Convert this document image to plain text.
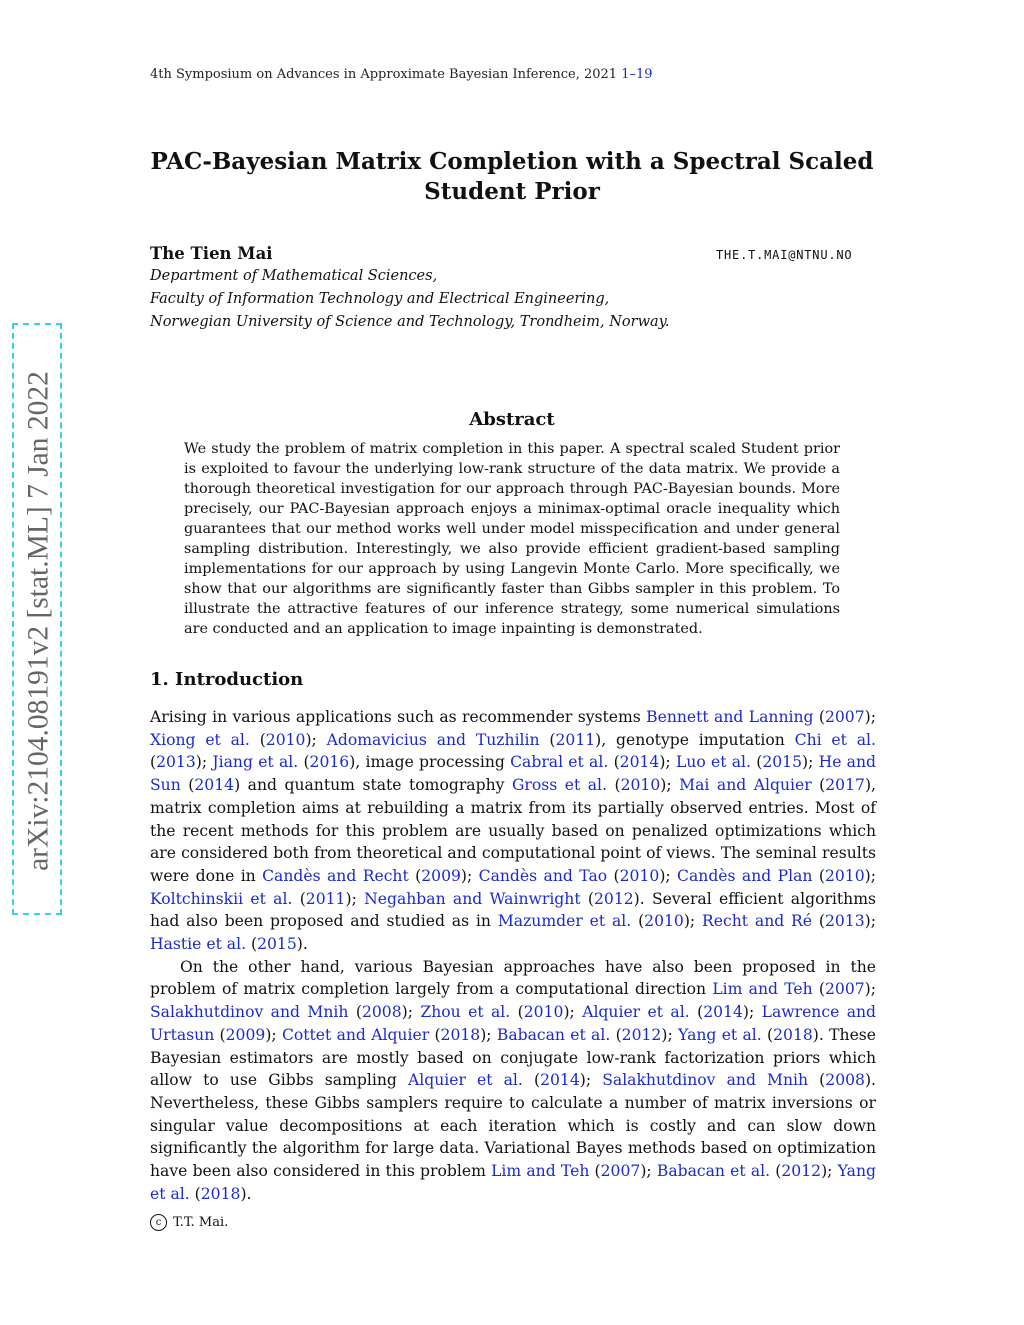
4th Symposium on Advances in Approximate Bayesian Inference, 2021 1–19
PAC-Bayesian Matrix Completion with a Spectral Scaled
Student Prior
The Tien Mai	THE.T.MAI@NTNU.NO
Department of Mathematical Sciences,
Faculty of Information Technology and Electrical Engineering,
Norwegian University of Science and Technology, Trondheim, Norway.
arXiv:2104.08191v2 [stat.ML] 7 Jan 2022	Abstract
We study the problem of matrix completion in this paper. A spectral scaled Student prior is exploited to favour the underlying low-rank structure of the data matrix. We provide a thorough theoretical investigation for our approach through PAC-Bayesian bounds. More precisely, our PAC-Bayesian approach enjoys a minimax-optimal oracle inequality which guarantees that our method works well under model misspecification and under general sampling distribution. Interestingly, we also provide efficient gradient-based sampling implementations for our approach by using Langevin Monte Carlo. More specifically, we show that our algorithms are significantly faster than Gibbs sampler in this problem. To illustrate the attractive features of our inference strategy, some numerical simulations are conducted and an application to image inpainting is demonstrated.
1. Introduction

Arising in various applications such as recommender systems Bennett and Lanning (2007); Xiong et al. (2010); Adomavicius and Tuzhilin (2011), genotype imputation Chi et al. (2013); Jiang et al. (2016), image processing Cabral et al. (2014); Luo et al. (2015); He and Sun (2014) and quantum state tomography Gross et al. (2010); Mai and Alquier (2017), matrix completion aims at rebuilding a matrix from its partially observed entries. Most of the recent methods for this problem are usually based on penalized optimizations which are considered both from theoretical and computational point of views. The seminal results were done in Candès and Recht (2009); Candès and Tao (2010); Candès and Plan (2010); Koltchinskii et al. (2011); Negahban and Wainwright (2012). Several efficient algorithms had also been proposed and studied as in Mazumder et al. (2010); Recht and Ré (2013); Hastie et al. (2015).

On the other hand, various Bayesian approaches have also been proposed in the problem of matrix completion largely from a computational direction Lim and Teh (2007); Salakhutdinov and Mnih (2008); Zhou et al. (2010); Alquier et al. (2014); Lawrence and Urtasun (2009); Cottet and Alquier (2018); Babacan et al. (2012); Yang et al. (2018). These Bayesian estimators are mostly based on conjugate low-rank factorization priors which allow to use Gibbs sampling Alquier et al. (2014); Salakhutdinov and Mnih (2008). Nevertheless, these Gibbs samplers require to calculate a number of matrix inversions or singular value decompositions at each iteration which is costly and can slow down significantly the algorithm for large data. Variational Bayes methods based on optimization have been also considered in this problem Lim and Teh (2007); Babacan et al. (2012); Yang et al. (2018).

c T.T. Mai.
